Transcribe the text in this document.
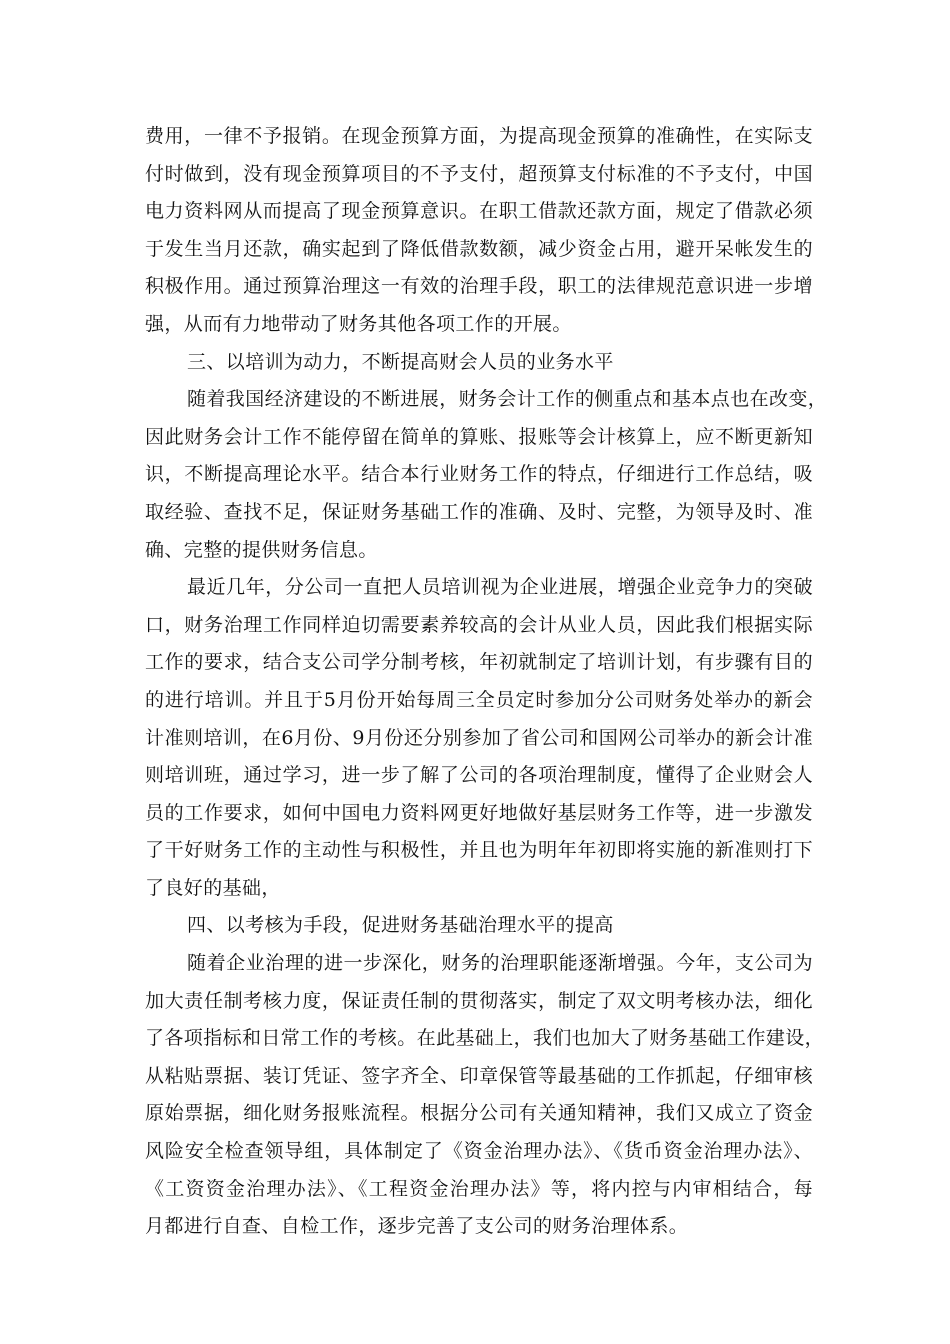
费用，一律不予报销。在现金预算方面，为提高现金预算的准确性，在实际支
付时做到，没有现金预算项目的不予支付，超预算支付标准的不予支付，中国
电力资料网从而提高了现金预算意识。在职工借款还款方面，规定了借款必须
于发生当月还款，确实起到了降低借款数额，减少资金占用，避开呆帐发生的
积极作用。通过预算治理这一有效的治理手段，职工的法律规范意识进一步增
强，从而有力地带动了财务其他各项工作的开展。
三、以培训为动力，不断提高财会人员的业务水平
随着我国经济建设的不断进展，财务会计工作的侧重点和基本点也在改变，
因此财务会计工作不能停留在简单的算账、报账等会计核算上，应不断更新知
识，不断提高理论水平。结合本行业财务工作的特点，仔细进行工作总结，吸
取经验、查找不足，保证财务基础工作的准确、及时、完整，为领导及时、准
确、完整的提供财务信息。
最近几年，分公司一直把人员培训视为企业进展，增强企业竞争力的突破
口，财务治理工作同样迫切需要素养较高的会计从业人员，因此我们根据实际
工作的要求，结合支公司学分制考核，年初就制定了培训计划，有步骤有目的
的进行培训。并且于5月份开始每周三全员定时参加分公司财务处举办的新会
计准则培训，在6月份、9月份还分别参加了省公司和国网公司举办的新会计准
则培训班，通过学习，进一步了解了公司的各项治理制度，懂得了企业财会人
员的工作要求，如何中国电力资料网更好地做好基层财务工作等，进一步激发
了干好财务工作的主动性与积极性，并且也为明年年初即将实施的新准则打下
了良好的基础，
四、以考核为手段，促进财务基础治理水平的提高
随着企业治理的进一步深化，财务的治理职能逐渐增强。今年，支公司为
加大责任制考核力度，保证责任制的贯彻落实，制定了双文明考核办法，细化
了各项指标和日常工作的考核。在此基础上，我们也加大了财务基础工作建设，
从粘贴票据、装订凭证、签字齐全、印章保管等最基础的工作抓起，仔细审核
原始票据，细化财务报账流程。根据分公司有关通知精神，我们又成立了资金
风险安全检查领导组，具体制定了《资金治理办法》、《货币资金治理办法》、
《工资资金治理办法》、《工程资金治理办法》等，将内控与内审相结合，每
月都进行自查、自检工作，逐步完善了支公司的财务治理体系。
